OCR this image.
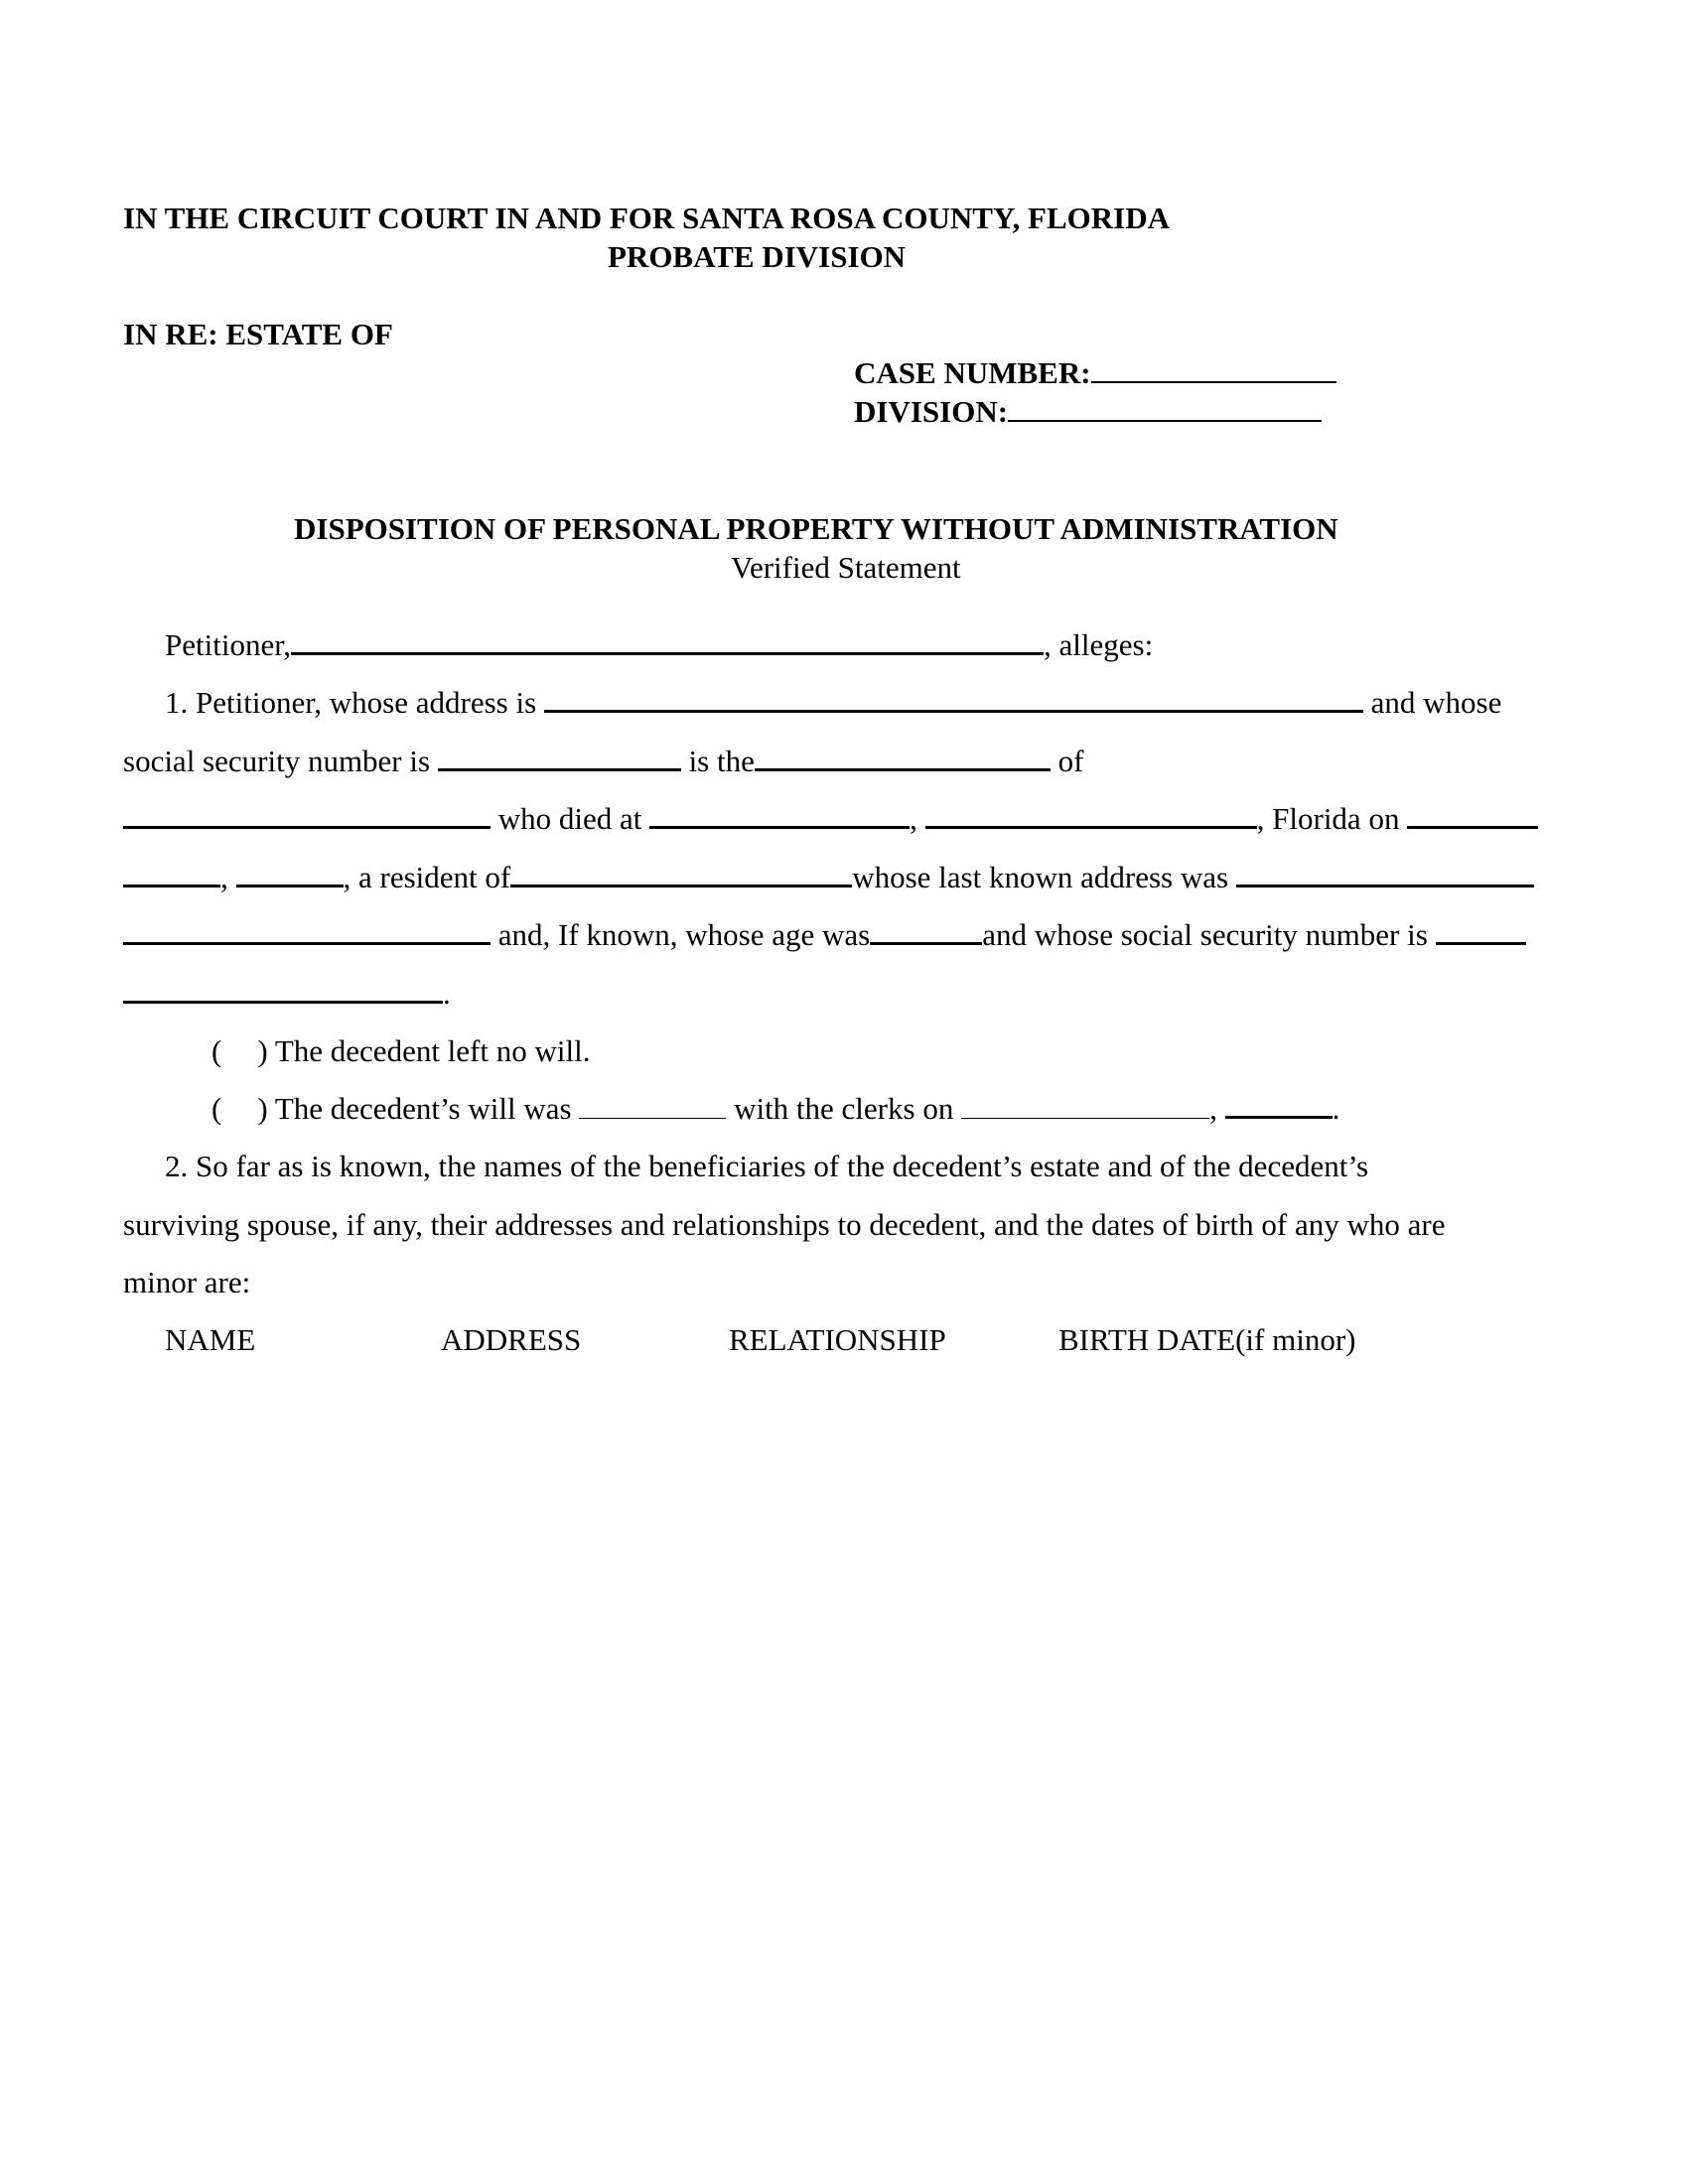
IN THE CIRCUIT COURT IN AND FOR SANTA ROSA COUNTY, FLORIDA
PROBATE DIVISION
IN RE: ESTATE OF
CASE NUMBER:
DIVISION:
DISPOSITION OF PERSONAL PROPERTY WITHOUT ADMINISTRATION
Verified Statement
Petitioner,	, alleges:
1. Petitioner, whose address is	and whose
social security number is	is the	of
who died at	,	, Florida on
,	, a resident of	whose last known address was
and, If known, whose age was	and whose social security number is
.
( ) The decedent left no will.
( ) The decedent’s will was	with the clerks on	,	.
2. So far as is known, the names of the beneficiaries of the decedent’s estate and of the decedent’s
surviving spouse, if any, their addresses and relationships to decedent, and the dates of birth of any who are
minor are:
NAME	ADDRESS	RELATIONSHIP	BIRTH DATE(if minor)
